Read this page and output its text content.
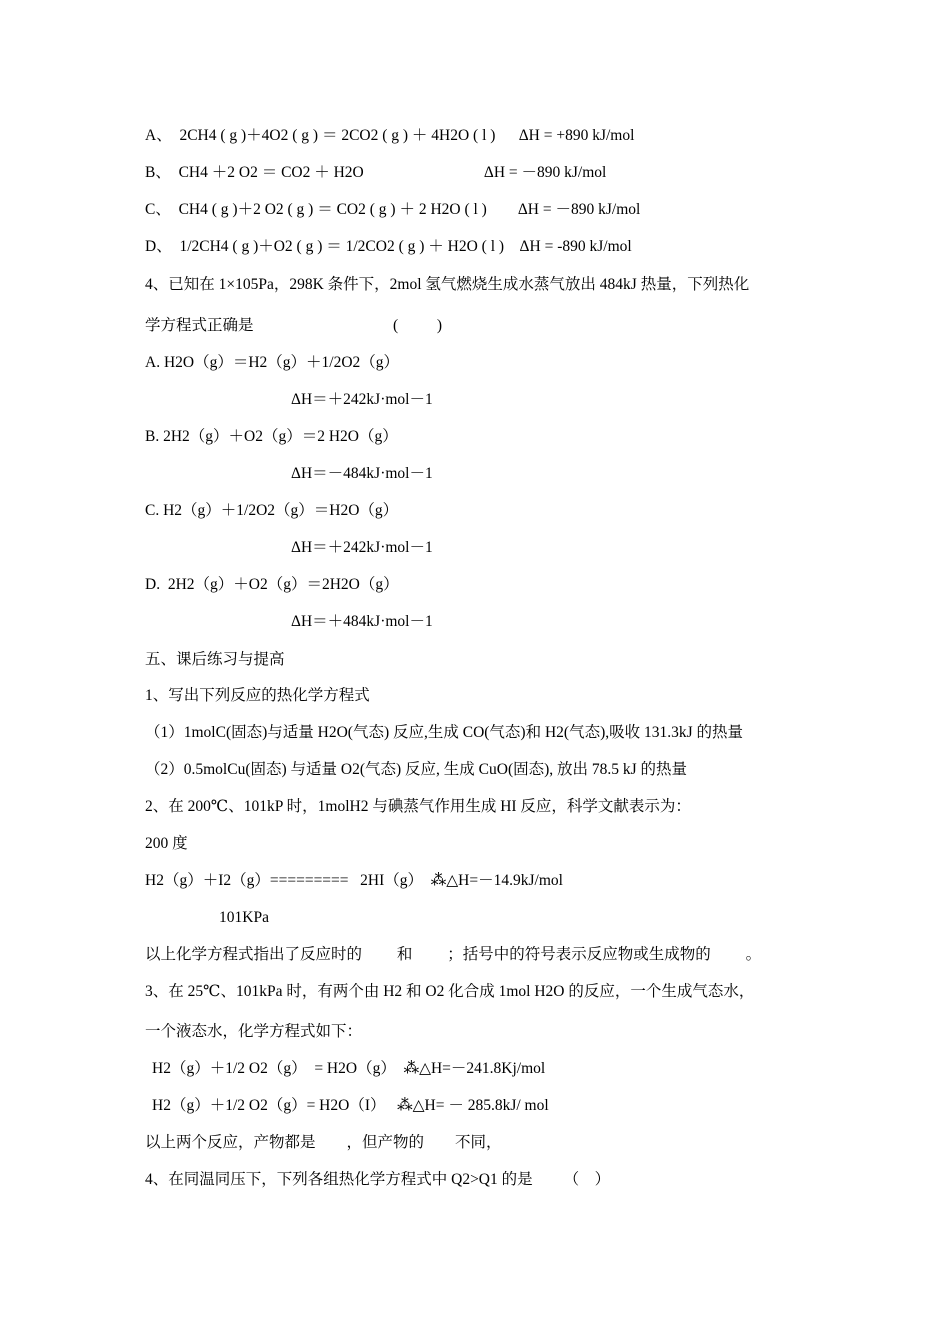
A、  2CH4 ( g )＋4O2 ( g ) ＝ 2CO2 ( g ) ＋ 4H2O ( l )      ΔH = +890 kJ/mol
B、  CH4 ＋2 O2 ＝ CO2 ＋ H2O                               ΔH = －890 kJ/mol
C、  CH4 ( g )＋2 O2 ( g ) ＝ CO2 ( g ) ＋ 2 H2O ( l )        ΔH = －890 kJ/mol
D、  1/2CH4 ( g )＋O2 ( g ) ＝ 1/2CO2 ( g ) ＋ H2O ( l )    ΔH = -890 kJ/mol
4、已知在 1×105Pa，298K 条件下，2mol 氢气燃烧生成水蒸气放出 484kJ 热量，下列热化
学方程式正确是                                    (          )
A. H2O（g）＝H2（g）＋1/2O2（g）
ΔH＝＋242kJ·mol－1
B. 2H2（g）＋O2（g）＝2 H2O（g）
ΔH＝－484kJ·mol－1
C. H2（g）＋1/2O2（g）＝H2O（g）
ΔH＝＋242kJ·mol－1
D.  2H2（g）＋O2（g）＝2H2O（g）
ΔH＝＋484kJ·mol－1
五、课后练习与提高
1、写出下列反应的热化学方程式
（1）1molC(固态)与适量 H2O(气态) 反应,生成 CO(气态)和 H2(气态),吸收 131.3kJ 的热量
（2）0.5molCu(固态) 与适量 O2(气态) 反应, 生成 CuO(固态), 放出 78.5 kJ 的热量
2、在 200℃、101kP 时，1molH2 与碘蒸气作用生成 HI 反应，科学文献表示为：
200 度
H2（g）＋I2（g）=========   2HI（g）  ⁂△H=－14.9kJ/mol
101KPa
以上化学方程式指出了反应时的         和         ；括号中的符号表示反应物或生成物的         。
3、在 25℃、101kPa 时，有两个由 H2 和 O2 化合成 1mol H2O 的反应，一个生成气态水，
一个液态水，化学方程式如下：
H2（g）＋1/2 O2（g）  = H2O（g）  ⁂△H=－241.8Kj/mol
H2（g）＋1/2 O2（g）= H2O（I）   ⁂△H= － 285.8kJ/ mol
以上两个反应，产物都是        ，但产物的        不同，
4、在同温同压下，下列各组热化学方程式中 Q2>Q1 的是        （    ）
